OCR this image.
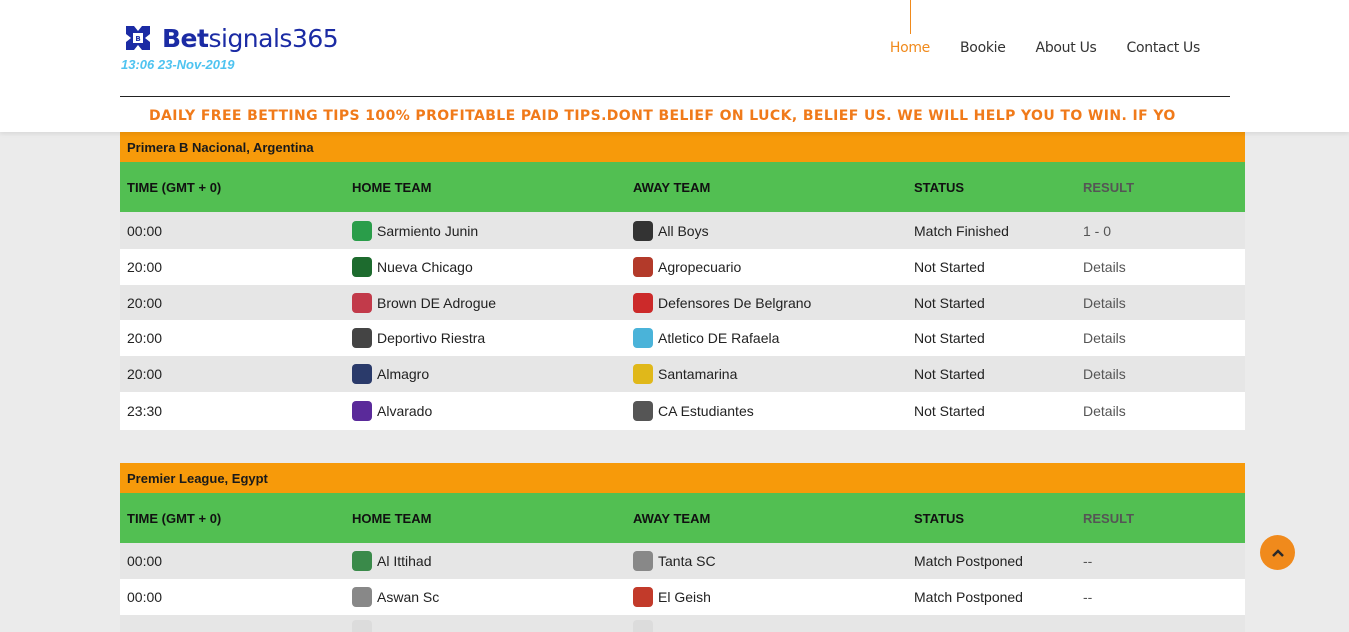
B Betsignals365
13:06 23-Nov-2019
Home	Bookie	About Us	Contact Us
DAILY FREE BETTING TIPS 100% PROFITABLE PAID TIPS.DONT BELIEF ON LUCK, BELIEF US. WE WILL HELP YOU TO WIN. IF YO
Primera B Nacional, Argentina
TIME (GMT + 0)	HOME TEAM	AWAY TEAM	STATUS	RESULT
00:00	Sarmiento Junin	All Boys	Match Finished	1 - 0
20:00	Nueva Chicago	Agropecuario	Not Started	Details
20:00	Brown DE Adrogue	Defensores De Belgrano	Not Started	Details
20:00	Deportivo Riestra	Atletico DE Rafaela	Not Started	Details
20:00	Almagro	Santamarina	Not Started	Details
23:30	Alvarado	CA Estudiantes	Not Started	Details
Premier League, Egypt
TIME (GMT + 0)	HOME TEAM	AWAY TEAM	STATUS	RESULT
00:00	Al Ittihad	Tanta SC	Match Postponed	--
00:00	Aswan Sc	El Geish	Match Postponed	--
